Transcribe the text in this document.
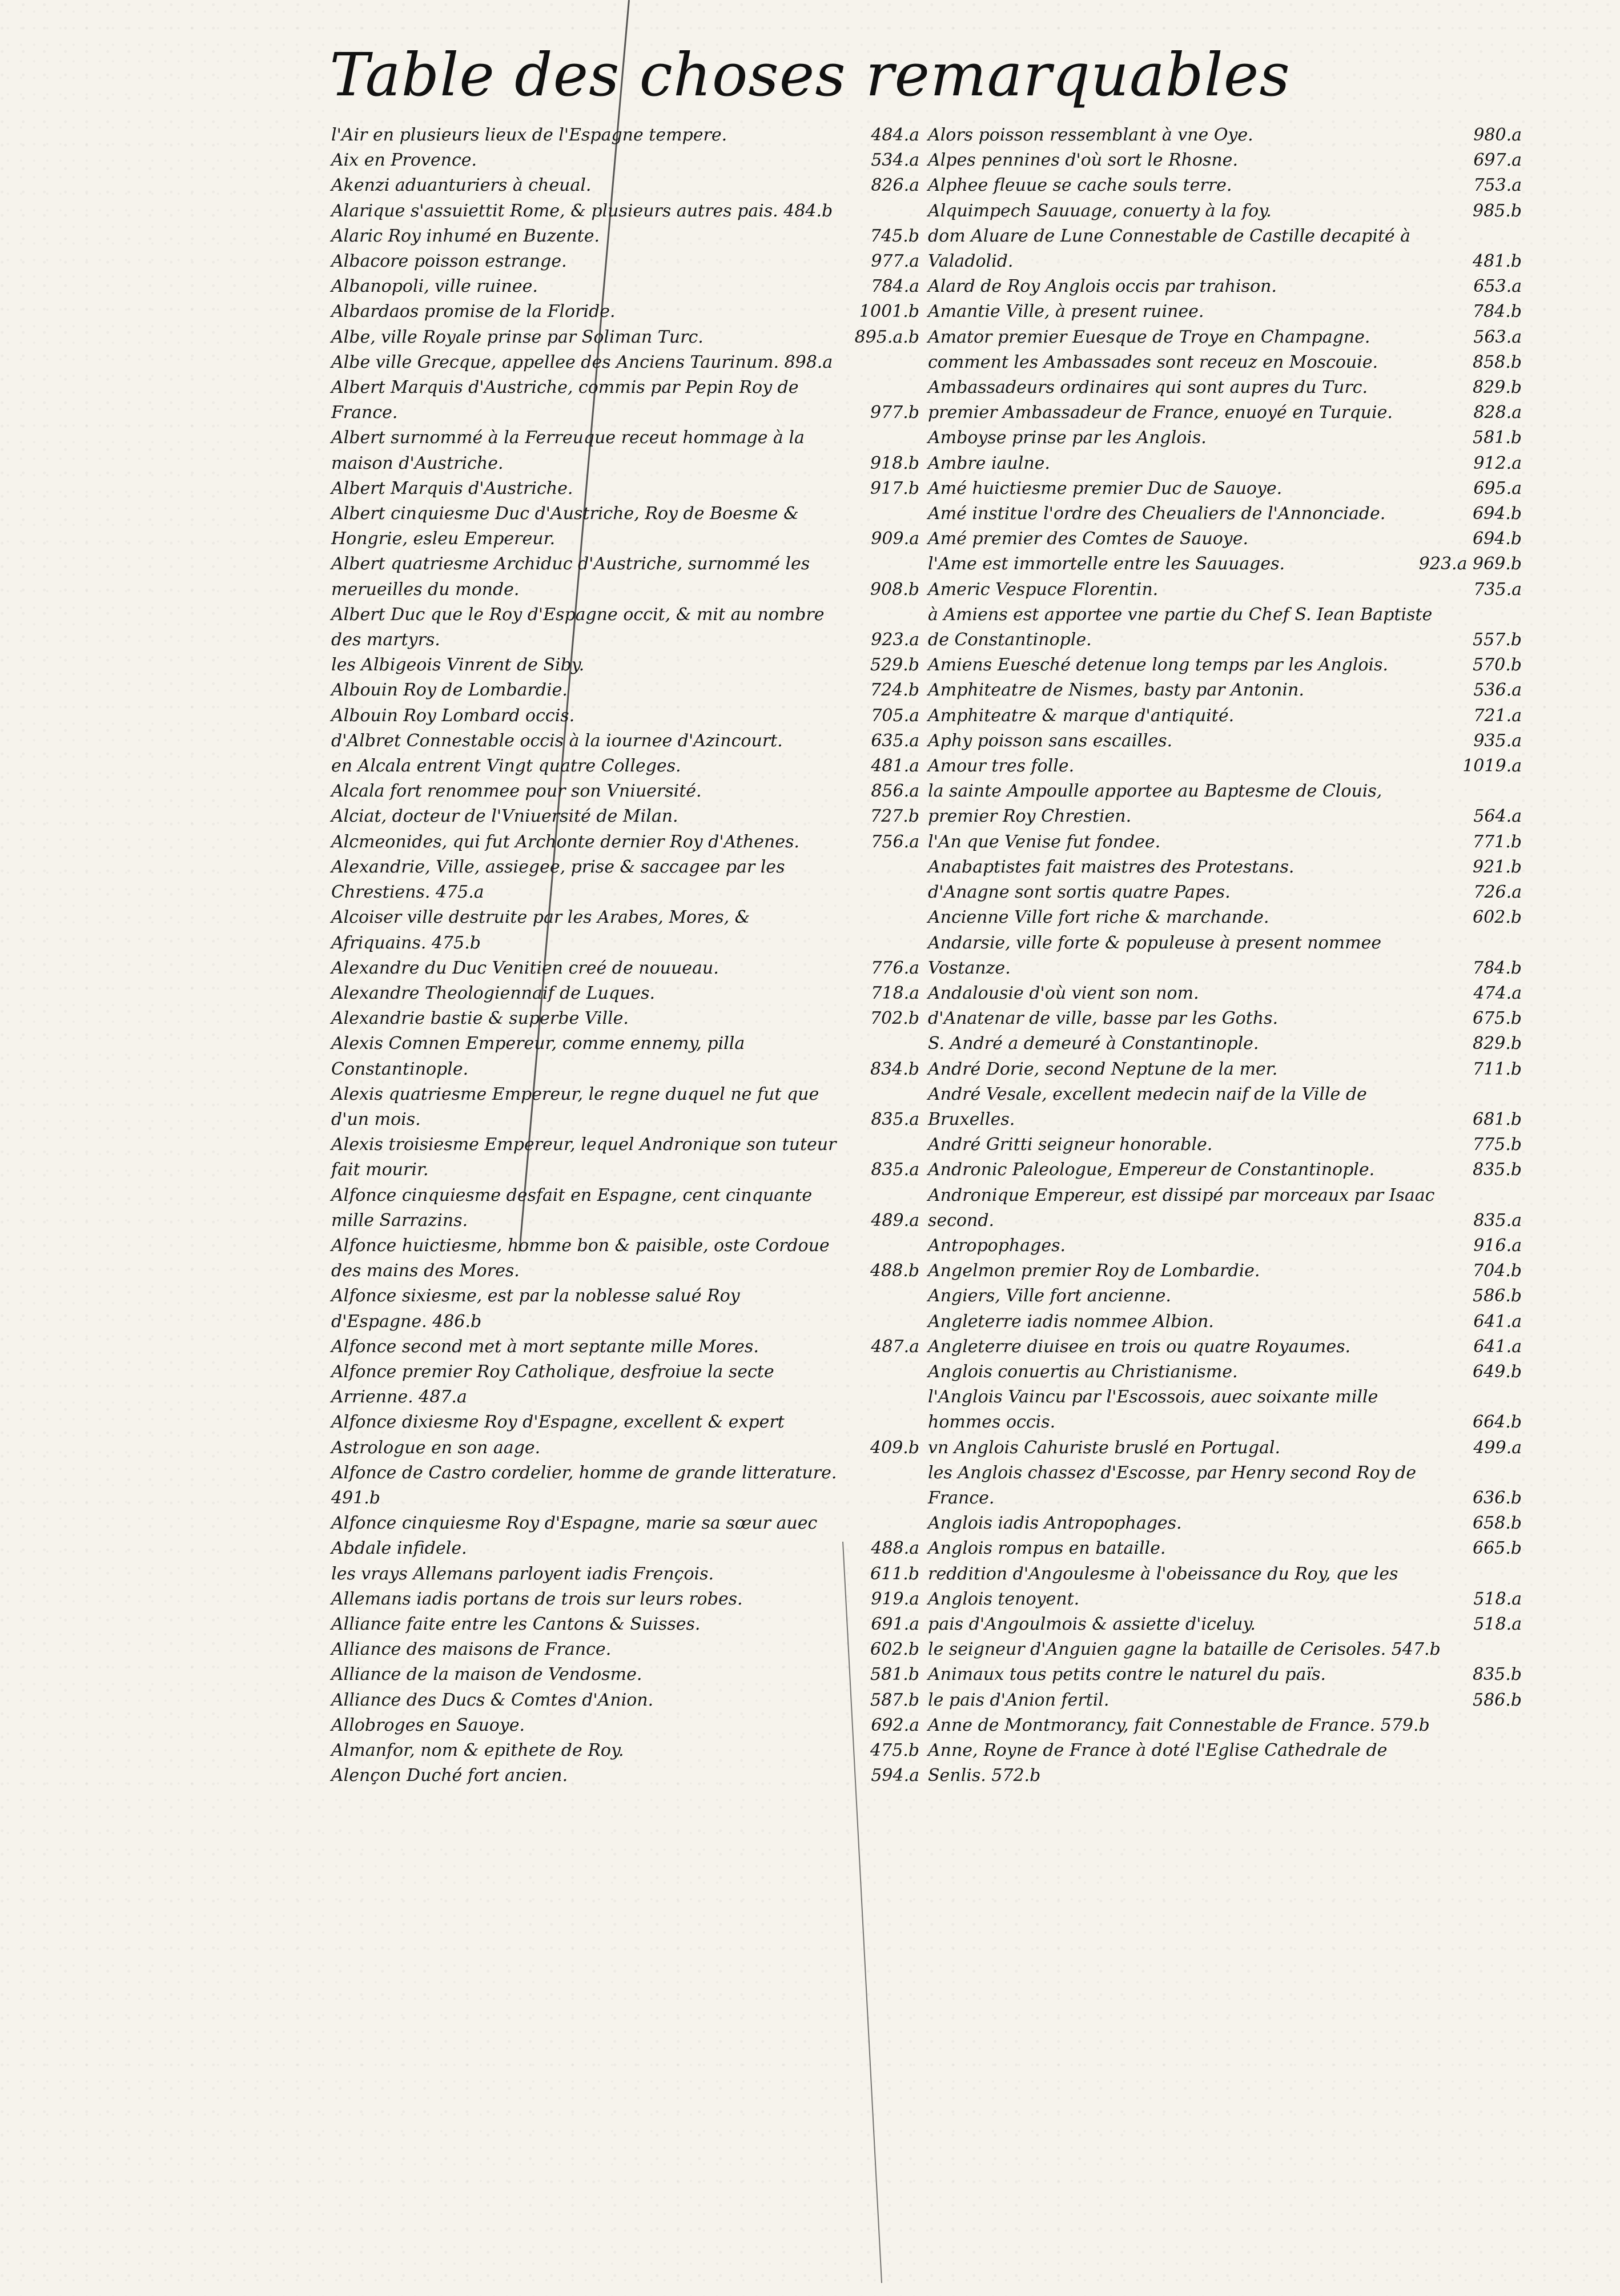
Table des choses remarquables
l'Air en plusieurs lieux de l'Espagne tempere.	484.a
Aix en Provence.	534.a
Akenzi aduanturiers à cheual.	826.a
Alarique s'assuiettit Rome, & plusieurs autres pais. 484.b
Alaric Roy inhumé en Buzente.	745.b
Albacore poisson estrange.	977.a
Albanopoli, ville ruinee.	784.a
Albardaos promise de la Floride.	1001.b
Albe, ville Royale prinse par Soliman Turc.	895.a.b
Albe ville Grecque, appellee des Anciens Taurinum. 898.a
Albert Marquis d'Austriche, commis par Pepin Roy de France.	977.b
Albert surnommé à la Ferreuque receut hommage à la maison d'Austriche.	918.b
Albert Marquis d'Austriche.	917.b
Albert cinquiesme Duc d'Austriche, Roy de Boesme & Hongrie, esleu Empereur.	909.a
Albert quatriesme Archiduc d'Austriche, surnommé les merueilles du monde.	908.b
Albert Duc que le Roy d'Espagne occit, & mit au nombre des martyrs.	923.a
les Albigeois Vinrent de Siby.	529.b
Albouin Roy de Lombardie.	724.b
Albouin Roy Lombard occis.	705.a
d'Albret Connestable occis à la iournee d'Azincourt.	635.a
en Alcala entrent Vingt quatre Colleges.	481.a
Alcala fort renommee pour son Vniuersité.	856.a
Alciat, docteur de l'Vniuersité de Milan.	727.b
Alcmeonides, qui fut Archonte dernier Roy d'Athenes.	756.a
Alexandrie, Ville, assiegee, prise & saccagee par les Chrestiens. 475.a
Alcoiser ville destruite par les Arabes, Mores, & Afriquains. 475.b
Alexandre du Duc Venitien creé de nouueau.	776.a
Alexandre Theologiennaif de Luques.	718.a
Alexandrie bastie & superbe Ville.	702.b
Alexis Comnen Empereur, comme ennemy, pilla Constantinople.	834.b
Alexis quatriesme Empereur, le regne duquel ne fut que d'un mois.	835.a
Alexis troisiesme Empereur, lequel Andronique son tuteur fait mourir.	835.a
Alfonce cinquiesme desfait en Espagne, cent cinquante mille Sarrazins.	489.a
Alfonce huictiesme, homme bon & paisible, oste Cordoue des mains des Mores.	488.b
Alfonce sixiesme, est par la noblesse salué Roy d'Espagne. 486.b
Alfonce second met à mort septante mille Mores.	487.a
Alfonce premier Roy Catholique, desfroiue la secte Arrienne. 487.a
Alfonce dixiesme Roy d'Espagne, excellent & expert Astrologue en son aage.	409.b
Alfonce de Castro cordelier, homme de grande litterature. 491.b
Alfonce cinquiesme Roy d'Espagne, marie sa sœur auec Abdale infidele.	488.a
les vrays Allemans parloyent iadis Frençois.	611.b
Allemans iadis portans de trois sur leurs robes.	919.a
Alliance faite entre les Cantons & Suisses.	691.a
Alliance des maisons de France.	602.b
Alliance de la maison de Vendosme.	581.b
Alliance des Ducs & Comtes d'Anion.	587.b
Allobroges en Sauoye.	692.a
Almanfor, nom & epithete de Roy.	475.b
Alençon Duché fort ancien.	594.a
Alors poisson ressemblant à vne Oye.	980.a
Alpes pennines d'où sort le Rhosne.	697.a
Alphee fleuue se cache souls terre.	753.a
Alquimpech Sauuage, conuerty à la foy.	985.b
dom Aluare de Lune Connestable de Castille decapité à Valadolid.	481.b
Alard de Roy Anglois occis par trahison.	653.a
Amantie Ville, à present ruinee.	784.b
Amator premier Euesque de Troye en Champagne.	563.a
comment les Ambassades sont receuz en Moscouie.	858.b
Ambassadeurs ordinaires qui sont aupres du Turc.	829.b
premier Ambassadeur de France, enuoyé en Turquie.	828.a
Amboyse prinse par les Anglois.	581.b
Ambre iaulne.	912.a
Amé huictiesme premier Duc de Sauoye.	695.a
Amé institue l'ordre des Cheualiers de l'Annonciade.	694.b
Amé premier des Comtes de Sauoye.	694.b
l'Ame est immortelle entre les Sauuages.	923.a 969.b
Americ Vespuce Florentin.	735.a
à Amiens est apportee vne partie du Chef S. Iean Baptiste de Constantinople.	557.b
Amiens Euesché detenue long temps par les Anglois.	570.b
Amphiteatre de Nismes, basty par Antonin.	536.a
Amphiteatre & marque d'antiquité.	721.a
Aphy poisson sans escailles.	935.a
Amour tres folle.	1019.a
la sainte Ampoulle apportee au Baptesme de Clouis, premier Roy Chrestien.	564.a
l'An que Venise fut fondee.	771.b
Anabaptistes fait maistres des Protestans.	921.b
d'Anagne sont sortis quatre Papes.	726.a
Ancienne Ville fort riche & marchande.	602.b
Andarsie, ville forte & populeuse à present nommee Vostanze.	784.b
Andalousie d'où vient son nom.	474.a
d'Anatenar de ville, basse par les Goths.	675.b
S. André a demeuré à Constantinople.	829.b
André Dorie, second Neptune de la mer.	711.b
André Vesale, excellent medecin naif de la Ville de Bruxelles.	681.b
André Gritti seigneur honorable.	775.b
Andronic Paleologue, Empereur de Constantinople.	835.b
Andronique Empereur, est dissipé par morceaux par Isaac second.	835.a
Antropophages.	916.a
Angelmon premier Roy de Lombardie.	704.b
Angiers, Ville fort ancienne.	586.b
Angleterre iadis nommee Albion.	641.a
Angleterre diuisee en trois ou quatre Royaumes.	641.a
Anglois conuertis au Christianisme.	649.b
l'Anglois Vaincu par l'Escossois, auec soixante mille hommes occis.	664.b
vn Anglois Cahuriste bruslé en Portugal.	499.a
les Anglois chassez d'Escosse, par Henry second Roy de France.	636.b
Anglois iadis Antropophages.	658.b
Anglois rompus en bataille.	665.b
reddition d'Angoulesme à l'obeissance du Roy, que les Anglois tenoyent.	518.a
pais d'Angoulmois & assiette d'iceluy.	518.a
le seigneur d'Anguien gagne la bataille de Cerisoles. 547.b
Animaux tous petits contre le naturel du païs.	835.b
le pais d'Anion fertil.	586.b
Anne de Montmorancy, fait Connestable de France. 579.b
Anne, Royne de France à doté l'Eglise Cathedrale de Senlis. 572.b
